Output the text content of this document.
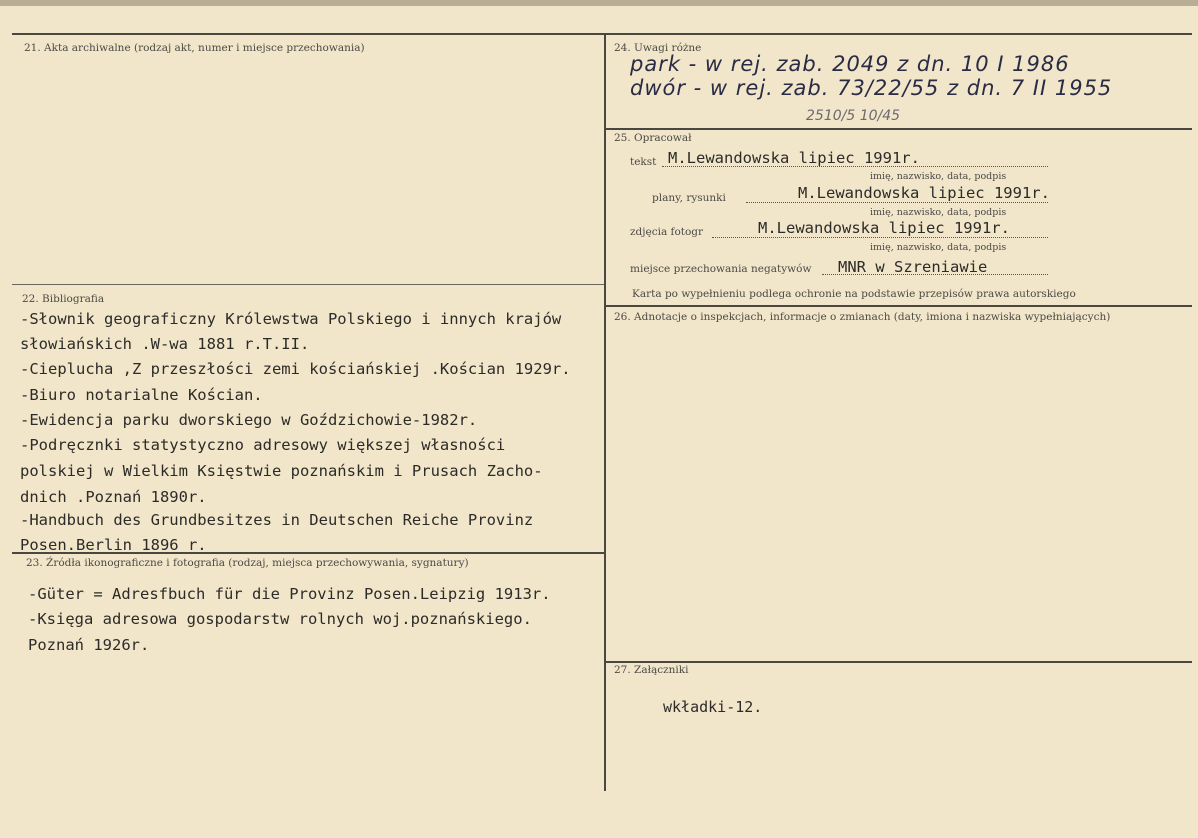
21. Akta archiwalne (rodzaj akt, numer i miejsce przechowania)
22. Bibliografia
-Słownik geograficzny Królewstwa Polskiego i innych krajów
słowiańskich .W-wa 1881 r.T.II.
-Cieplucha ,Z przeszłości zemi kościańskiej .Kościan 1929r.
-Biuro notarialne Kościan.
-Ewidencja parku dworskiego w Goździchowie-1982r.
-Podręcznki statystyczno adresowy większej własności
polskiej w Wielkim Księstwie poznańskim i Prusach Zacho-
dnich .Poznań 1890r.
-Handbuch des Grundbesitzes in Deutschen Reiche Provinz
Posen.Berlin 1896 r.
23. Źródła ikonograficzne i fotografia (rodzaj, miejsca przechowywania, sygnatury)
-Güter = Adresfbuch für die Provinz Posen.Leipzig 1913r.
-Księga adresowa gospodarstw rolnych woj.poznańskiego.
Poznań 1926r.
24. Uwagi różne
park - w rej. zab. 2049 z dn. 10 I 1986
dwór - w rej. zab. 73/22/55 z dn. 7 II 1955
2510/5 10/45
25. Opracował
tekst M.Lewandowska lipiec 1991r.
imię, nazwisko, data, podpis
plany, rysunki	M.Lewandowska lipiec 1991r.
imię, nazwisko, data, podpis
zdjęcia fotogr	M.Lewandowska lipiec 1991r.
imię, nazwisko, data, podpis
miejsce przechowania negatywów MNR w Szreniawie
Karta po wypełnieniu podlega ochronie na podstawie przepisów prawa autorskiego
26. Adnotacje o inspekcjach, informacje o zmianach (daty, imiona i nazwiska wypełniających)
27. Załączniki
wkładki-12.
